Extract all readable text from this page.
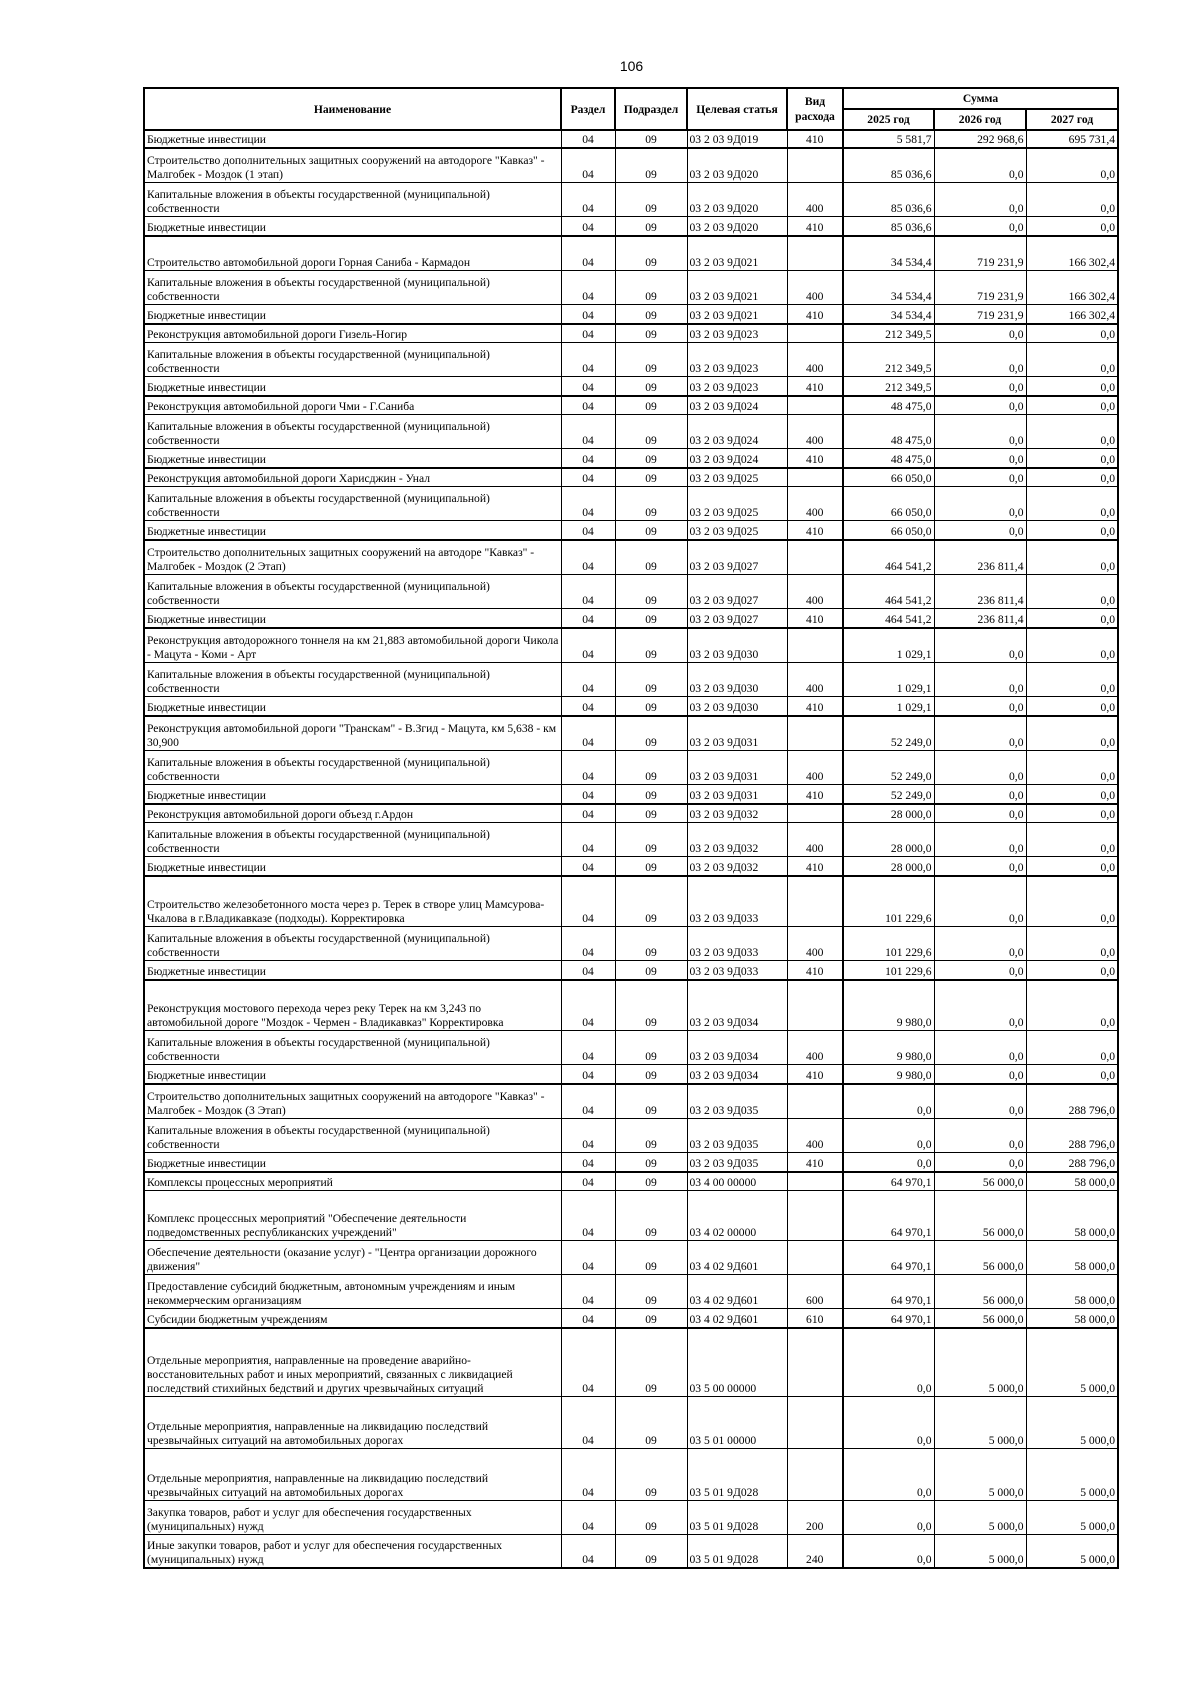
106
Наименование	Раздел	Подраздел	Целевая статья	Вид расхода	Сумма		
					2025 год	2026 год	2027 год
Бюджетные инвестиции	04	09	03 2 03 9Д019	410	5 581,7	292 968,6	695 731,4
Строительство дополнительных защитных сооружений на автодороге "Кавказ" - Малгобек - Моздок (1 этап)	04	09	03 2 03 9Д020		85 036,6	0,0	0,0
Капитальные вложения в объекты государственной (муниципальной) собственности	04	09	03 2 03 9Д020	400	85 036,6	0,0	0,0
Бюджетные инвестиции	04	09	03 2 03 9Д020	410	85 036,6	0,0	0,0
Строительство автомобильной дороги Горная Саниба - Кармадон	04	09	03 2 03 9Д021		34 534,4	719 231,9	166 302,4
Капитальные вложения в объекты государственной (муниципальной) собственности	04	09	03 2 03 9Д021	400	34 534,4	719 231,9	166 302,4
Бюджетные инвестиции	04	09	03 2 03 9Д021	410	34 534,4	719 231,9	166 302,4
Реконструкция автомобильной дороги Гизель-Ногир	04	09	03 2 03 9Д023		212 349,5	0,0	0,0
Капитальные вложения в объекты государственной (муниципальной) собственности	04	09	03 2 03 9Д023	400	212 349,5	0,0	0,0
Бюджетные инвестиции	04	09	03 2 03 9Д023	410	212 349,5	0,0	0,0
Реконструкция автомобильной дороги Чми - Г.Саниба	04	09	03 2 03 9Д024		48 475,0	0,0	0,0
Капитальные вложения в объекты государственной (муниципальной) собственности	04	09	03 2 03 9Д024	400	48 475,0	0,0	0,0
Бюджетные инвестиции	04	09	03 2 03 9Д024	410	48 475,0	0,0	0,0
Реконструкция автомобильной дороги Харисджин - Унал	04	09	03 2 03 9Д025		66 050,0	0,0	0,0
Капитальные вложения в объекты государственной (муниципальной) собственности	04	09	03 2 03 9Д025	400	66 050,0	0,0	0,0
Бюджетные инвестиции	04	09	03 2 03 9Д025	410	66 050,0	0,0	0,0
Строительство дополнительных защитных сооружений на автодоре "Кавказ" - Малгобек - Моздок (2 Этап)	04	09	03 2 03 9Д027		464 541,2	236 811,4	0,0
Капитальные вложения в объекты государственной (муниципальной) собственности	04	09	03 2 03 9Д027	400	464 541,2	236 811,4	0,0
Бюджетные инвестиции	04	09	03 2 03 9Д027	410	464 541,2	236 811,4	0,0
Реконструкция автодорожного тоннеля на км 21,883 автомобильной дороги Чикола - Мацута - Коми - Арт	04	09	03 2 03 9Д030		1 029,1	0,0	0,0
Капитальные вложения в объекты государственной (муниципальной) собственности	04	09	03 2 03 9Д030	400	1 029,1	0,0	0,0
Бюджетные инвестиции	04	09	03 2 03 9Д030	410	1 029,1	0,0	0,0
Реконструкция автомобильной дороги "Транскам" - В.Згид - Мацута, км 5,638 - км 30,900	04	09	03 2 03 9Д031		52 249,0	0,0	0,0
Капитальные вложения в объекты государственной (муниципальной) собственности	04	09	03 2 03 9Д031	400	52 249,0	0,0	0,0
Бюджетные инвестиции	04	09	03 2 03 9Д031	410	52 249,0	0,0	0,0
Реконструкция автомобильной дороги объезд г.Ардон	04	09	03 2 03 9Д032		28 000,0	0,0	0,0
Капитальные вложения в объекты государственной (муниципальной) собственности	04	09	03 2 03 9Д032	400	28 000,0	0,0	0,0
Бюджетные инвестиции	04	09	03 2 03 9Д032	410	28 000,0	0,0	0,0
Строительство железобетонного моста через р. Терек в створе улиц Мамсурова-Чкалова в г.Владикавказе (подходы). Корректировка	04	09	03 2 03 9Д033		101 229,6	0,0	0,0
Капитальные вложения в объекты государственной (муниципальной) собственности	04	09	03 2 03 9Д033	400	101 229,6	0,0	0,0
Бюджетные инвестиции	04	09	03 2 03 9Д033	410	101 229,6	0,0	0,0
Реконструкция мостового перехода через реку Терек на км 3,243 по автомобильной дороге "Моздок - Чермен - Владикавказ" Корректировка	04	09	03 2 03 9Д034		9 980,0	0,0	0,0
Капитальные вложения в объекты государственной (муниципальной) собственности	04	09	03 2 03 9Д034	400	9 980,0	0,0	0,0
Бюджетные инвестиции	04	09	03 2 03 9Д034	410	9 980,0	0,0	0,0
Строительство дополнительных защитных сооружений на автодороге "Кавказ" - Малгобек - Моздок (3 Этап)	04	09	03 2 03 9Д035		0,0	0,0	288 796,0
Капитальные вложения в объекты государственной (муниципальной) собственности	04	09	03 2 03 9Д035	400	0,0	0,0	288 796,0
Бюджетные инвестиции	04	09	03 2 03 9Д035	410	0,0	0,0	288 796,0
Комплексы процессных мероприятий	04	09	03 4 00 00000		64 970,1	56 000,0	58 000,0
Комплекс процессных мероприятий "Обеспечение деятельности подведомственных республиканских учреждений"	04	09	03 4 02 00000		64 970,1	56 000,0	58 000,0
Обеспечение деятельности (оказание услуг) - "Центра организации дорожного движения"	04	09	03 4 02 9Д601		64 970,1	56 000,0	58 000,0
Предоставление субсидий бюджетным, автономным учреждениям и иным некоммерческим организациям	04	09	03 4 02 9Д601	600	64 970,1	56 000,0	58 000,0
Субсидии бюджетным учреждениям	04	09	03 4 02 9Д601	610	64 970,1	56 000,0	58 000,0
Отдельные мероприятия, направленные на проведение аварийно-восстановительных работ и иных мероприятий, связанных с ликвидацией последствий стихийных бедствий и других чрезвычайных ситуаций	04	09	03 5 00 00000		0,0	5 000,0	5 000,0
Отдельные мероприятия, направленные на ликвидацию последствий чрезвычайных ситуаций на автомобильных дорогах	04	09	03 5 01 00000		0,0	5 000,0	5 000,0
Отдельные мероприятия, направленные на ликвидацию последствий чрезвычайных ситуаций на автомобильных дорогах	04	09	03 5 01 9Д028		0,0	5 000,0	5 000,0
Закупка товаров, работ и услуг для обеспечения государственных (муниципальных) нужд	04	09	03 5 01 9Д028	200	0,0	5 000,0	5 000,0
Иные закупки товаров, работ и услуг для обеспечения государственных (муниципальных) нужд	04	09	03 5 01 9Д028	240	0,0	5 000,0	5 000,0
